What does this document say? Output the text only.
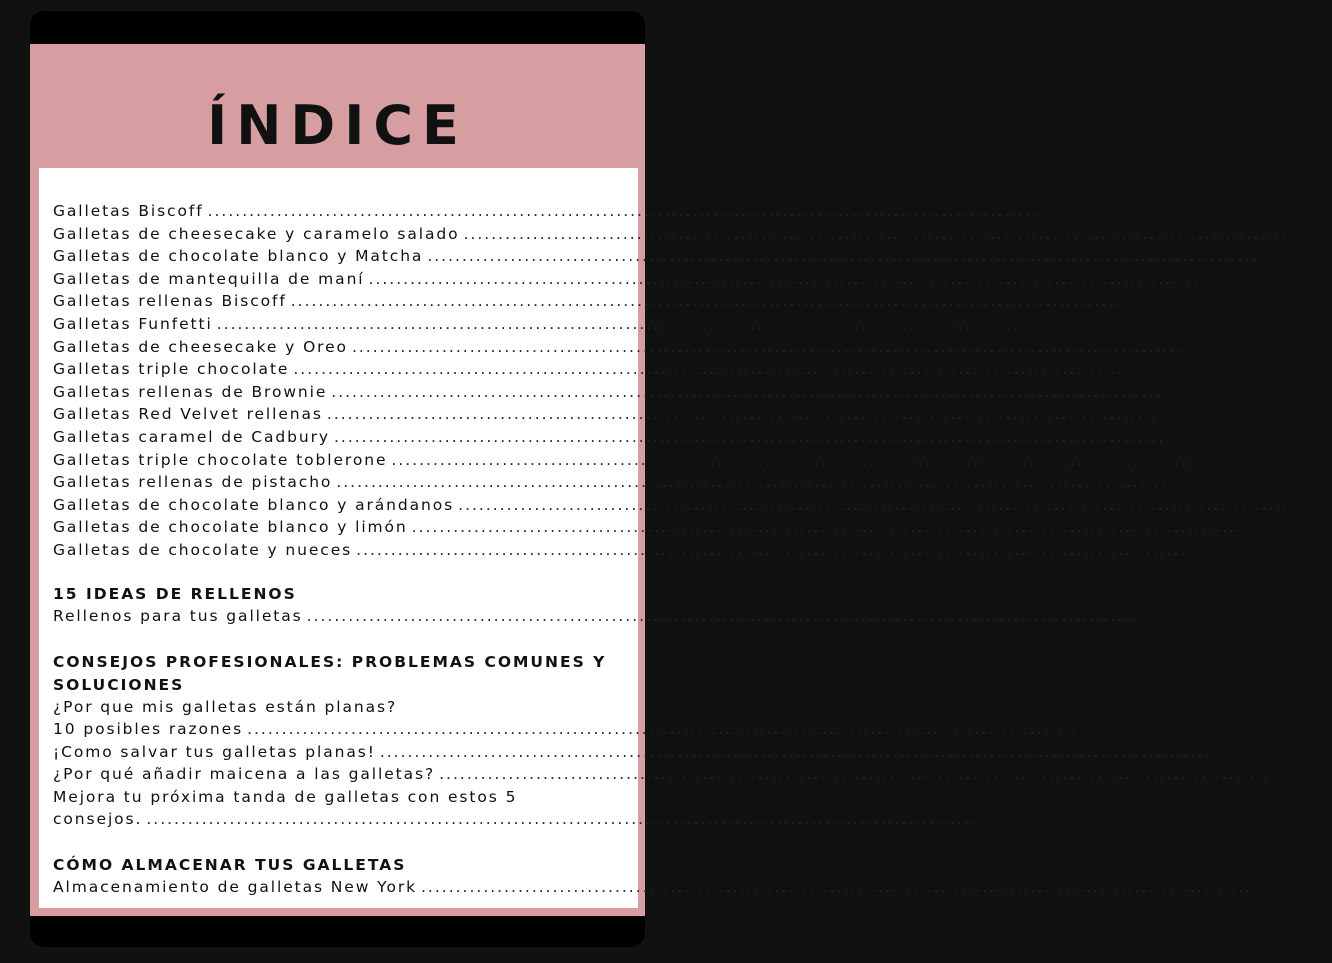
ÍNDICE
Galletas Biscoff ........................................................................................................................ 72
Galletas de cheesecake y caramelo salado ........................................................................................................................ 75
Galletas de chocolate blanco y Matcha ........................................................................................................................ 78
Galletas de mantequilla de maní ........................................................................................................................ 82
Galletas rellenas Biscoff ........................................................................................................................ 85
Galletas Funfetti ........................................................................................................................ 88
Galletas de cheesecake y Oreo ........................................................................................................................ 91
Galletas triple chocolate ........................................................................................................................ 95
Galletas rellenas de Brownie ........................................................................................................................ 99
Galletas Red Velvet rellenas ........................................................................................................................ 102
Galletas caramel de Cadbury ........................................................................................................................ 106
Galletas triple chocolate toblerone ........................................................................................................................ 109
Galletas rellenas de pistacho ........................................................................................................................ 112
Galletas de chocolate blanco y arándanos ........................................................................................................................ 115
Galletas de chocolate blanco y limón ........................................................................................................................ 118
Galletas de chocolate y nueces ........................................................................................................................ 121
15 IDEAS DE RELLENOS
Rellenos para tus galletas ........................................................................................................................ 125
CONSEJOS PROFESIONALES: PROBLEMAS COMUNES Y
SOLUCIONES
¿Por que mis galletas están planas?
10 posibles razones ........................................................................................................................ 135
¡Como salvar tus galletas planas! ........................................................................................................................ 142
¿Por qué añadir maicena a las galletas? ........................................................................................................................ 143
Mejora tu próxima tanda de galletas con estos 5
consejos. ........................................................................................................................ 144
CÓMO ALMACENAR TUS GALLETAS
Almacenamiento de galletas New York ........................................................................................................................ 150
